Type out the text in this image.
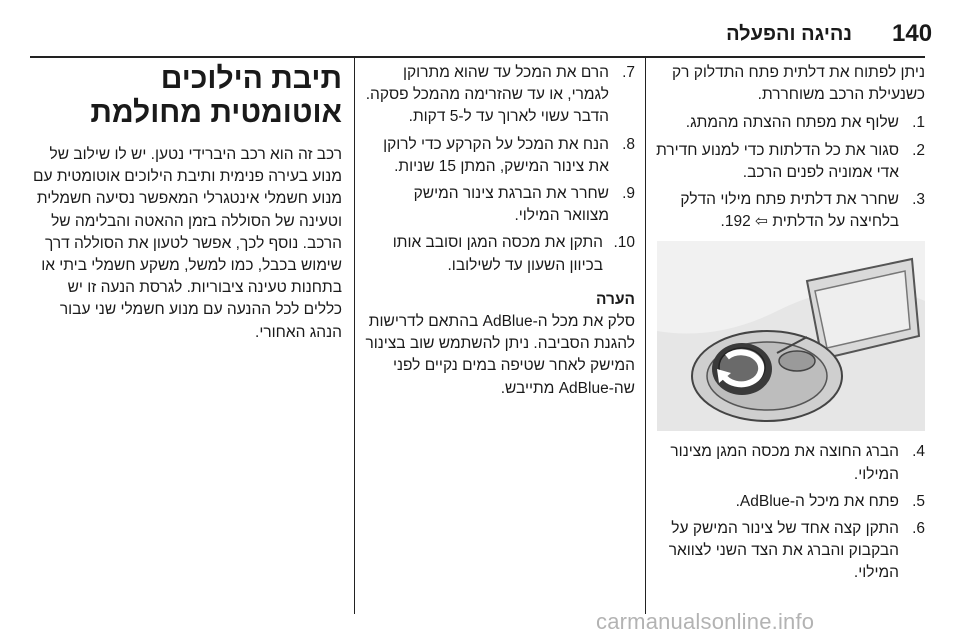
140
נהיגה והפעלה

ניתן לפתוח את דלתית פתח התדלוק רק כשנעילת הרכב משוחררת.

1.
שלוף את מפתח ההצתה מהמתג.
2.
סגור את כל הדלתות כדי למנוע חדירת אדי אמוניה לפנים הרכב.
3.
שחרר את דלתית פתח מילוי הדלק בלחיצה על הדלתית ⇦ 192.
4.
הברג החוצה את מכסה המגן מצינור המילוי.
5.
פתח את מיכל ה-AdBlue.
6.
התקן קצה אחד של צינור המישק על הבקבוק והברג את הצד השני לצוואר המילוי.
7.
הרם את המכל עד שהוא מתרוקן לגמרי, או עד שהזרימה מהמכל פסקה. הדבר עשוי לארוך עד ל-5 דקות.
8.
הנח את המכל על הקרקע כדי לרוקן את צינור המישק, המתן 15 שניות.
9.
שחרר את הברגת צינור המישק מצוואר המילוי.
10.
התקן את מכסה המגן וסובב אותו בכיוון השעון עד לשילובו.
הערה

סלק את מכל ה-AdBlue בהתאם לדרישות להגנת הסביבה. ניתן להשתמש שוב בצינור המישק לאחר שטיפה במים נקיים לפני שה-AdBlue מתייבש.

תיבת הילוכים אוטומטית מחולמת

רכב זה הוא רכב היברידי נטען. יש לו שילוב של מנוע בעירה פנימית ותיבת הילוכים אוטומטית עם מנוע חשמלי אינטגרלי המאפשר נסיעה חשמלית וטעינה של הסוללה בזמן ההאטה והבלימה של הרכב. נוסף לכך, אפשר לטעון את הסוללה דרך שימוש בכבל, כמו למשל, משקע חשמלי ביתי או בתחנות טעינה ציבוריות. לגרסת הנעה זו יש כללים לכל ההנעה עם מנוע חשמלי שני עבור הנהג האחורי.

carmanualsonline.info
